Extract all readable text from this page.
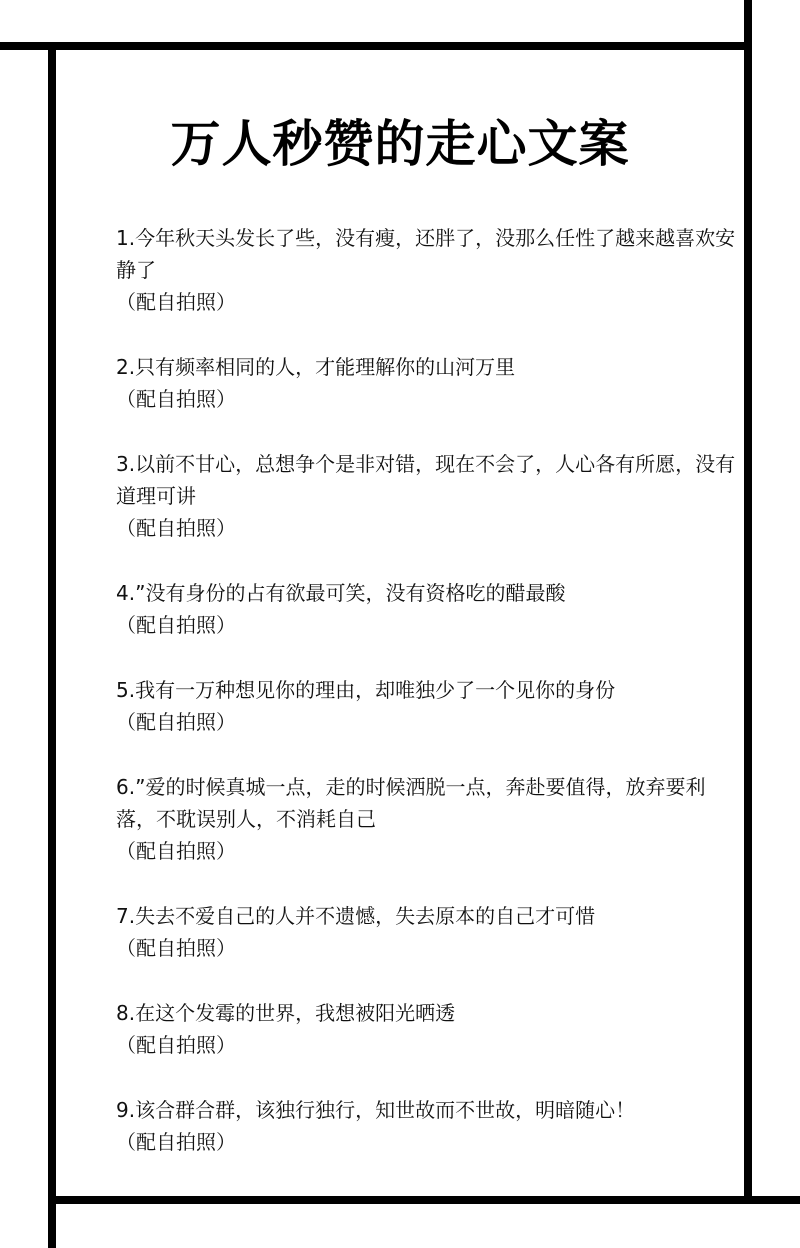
万人秒赞的走心文案

1.今年秋天头发长了些，没有瘦，还胖了，没那么任性了越来越喜欢安静了

（配自拍照）

2.只有频率相同的人，才能理解你的山河万里

（配自拍照）

3.以前不甘心，总想争个是非对错，现在不会了，人心各有所愿，没有道理可讲

（配自拍照）

4.”没有身份的占有欲最可笑，没有资格吃的醋最酸

（配自拍照）

5.我有一万种想见你的理由，却唯独少了一个见你的身份

（配自拍照）

6.”爱的时候真城一点，走的时候洒脱一点，奔赴要值得，放弃要利落，不耽误别人，不消耗自己

（配自拍照）

7.失去不爱自己的人并不遗憾，失去原本的自己才可惜

（配自拍照）

8.在这个发霉的世界，我想被阳光晒透

（配自拍照）

9.该合群合群，该独行独行，知世故而不世故，明暗随心！

（配自拍照）
